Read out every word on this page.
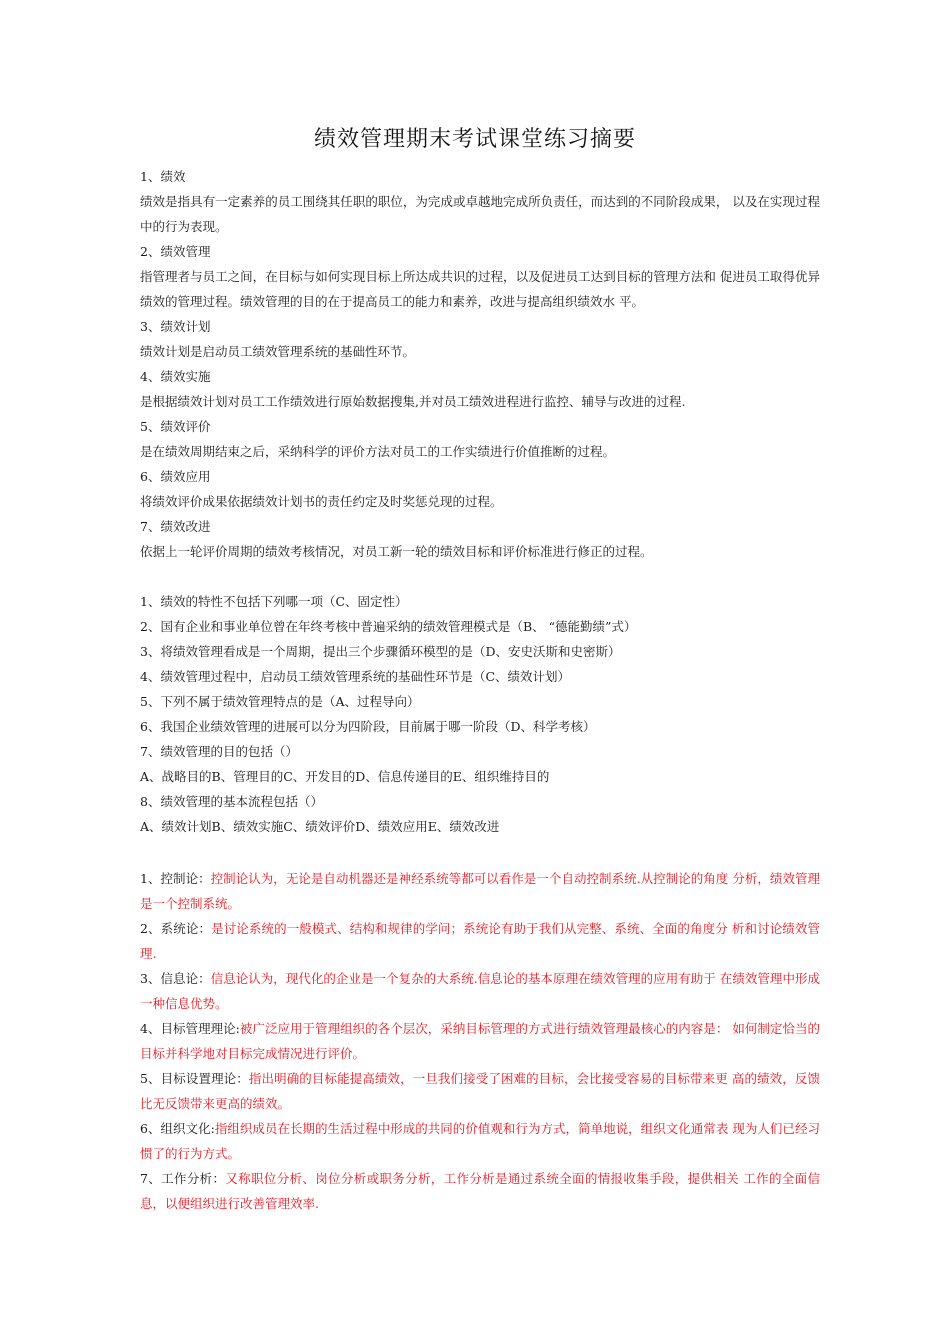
绩效管理期末考试课堂练习摘要
1、绩效
绩效是指具有一定素养的员工围绕其任职的职位，为完成或卓越地完成所负责任，而达到的不同阶段成果， 以及在实现过程中的行为表现。
2、绩效管理
指管理者与员工之间，在目标与如何实现目标上所达成共识的过程，以及促进员工达到目标的管理方法和 促进员工取得优异绩效的管理过程。绩效管理的目的在于提高员工的能力和素养，改进与提高组织绩效水 平。
3、绩效计划
绩效计划是启动员工绩效管理系统的基础性环节。
4、绩效实施
是根据绩效计划对员工工作绩效进行原始数据搜集,并对员工绩效进程进行监控、辅导与改进的过程.
5、绩效评价
是在绩效周期结束之后，采纳科学的评价方法对员工的工作实绩进行价值推断的过程。
6、绩效应用
将绩效评价成果依据绩效计划书的责任约定及时奖惩兑现的过程。
7、绩效改进
依据上一轮评价周期的绩效考核情况，对员工新一轮的绩效目标和评价标准进行修正的过程。
1、绩效的特性不包括下列哪一项（C、固定性）
2、国有企业和事业单位曾在年终考核中普遍采纳的绩效管理模式是（B、 “德能勤绩”式）
3、将绩效管理看成是一个周期，提出三个步骤循环模型的是（D、安史沃斯和史密斯）
4、绩效管理过程中，启动员工绩效管理系统的基础性环节是（C、绩效计划）
5、下列不属于绩效管理特点的是（A、过程导向）
6、我国企业绩效管理的进展可以分为四阶段，目前属于哪一阶段（D、科学考核）
7、绩效管理的目的包括（）
A、战略目的B、管理目的C、开发目的D、信息传递目的E、组织维持目的
8、绩效管理的基本流程包括（）
A、绩效计划B、绩效实施C、绩效评价D、绩效应用E、绩效改进
1、控制论：控制论认为，无论是自动机器还是神经系统等都可以看作是一个自动控制系统.从控制论的角度 分析，绩效管理是一个控制系统。
2、系统论：是讨论系统的一般模式、结构和规律的学问；系统论有助于我们从完整、系统、全面的角度分 析和讨论绩效管理.
3、信息论：信息论认为，现代化的企业是一个复杂的大系统.信息论的基本原理在绩效管理的应用有助于 在绩效管理中形成一种信息优势。
4、目标管理理论:被广泛应用于管理组织的各个层次，采纳目标管理的方式进行绩效管理最核心的内容是： 如何制定恰当的目标并科学地对目标完成情况进行评价。
5、目标设置理论：指出明确的目标能提高绩效，一旦我们接受了困难的目标，会比接受容易的目标带来更 高的绩效，反馈比无反馈带来更高的绩效。
6、组织文化:指组织成员在长期的生活过程中形成的共同的价值观和行为方式，简单地说，组织文化通常表 现为人们已经习惯了的行为方式。
7、工作分析：又称职位分析、岗位分析或职务分析，工作分析是通过系统全面的情报收集手段，提供相关 工作的全面信息，以便组织进行改善管理效率.
